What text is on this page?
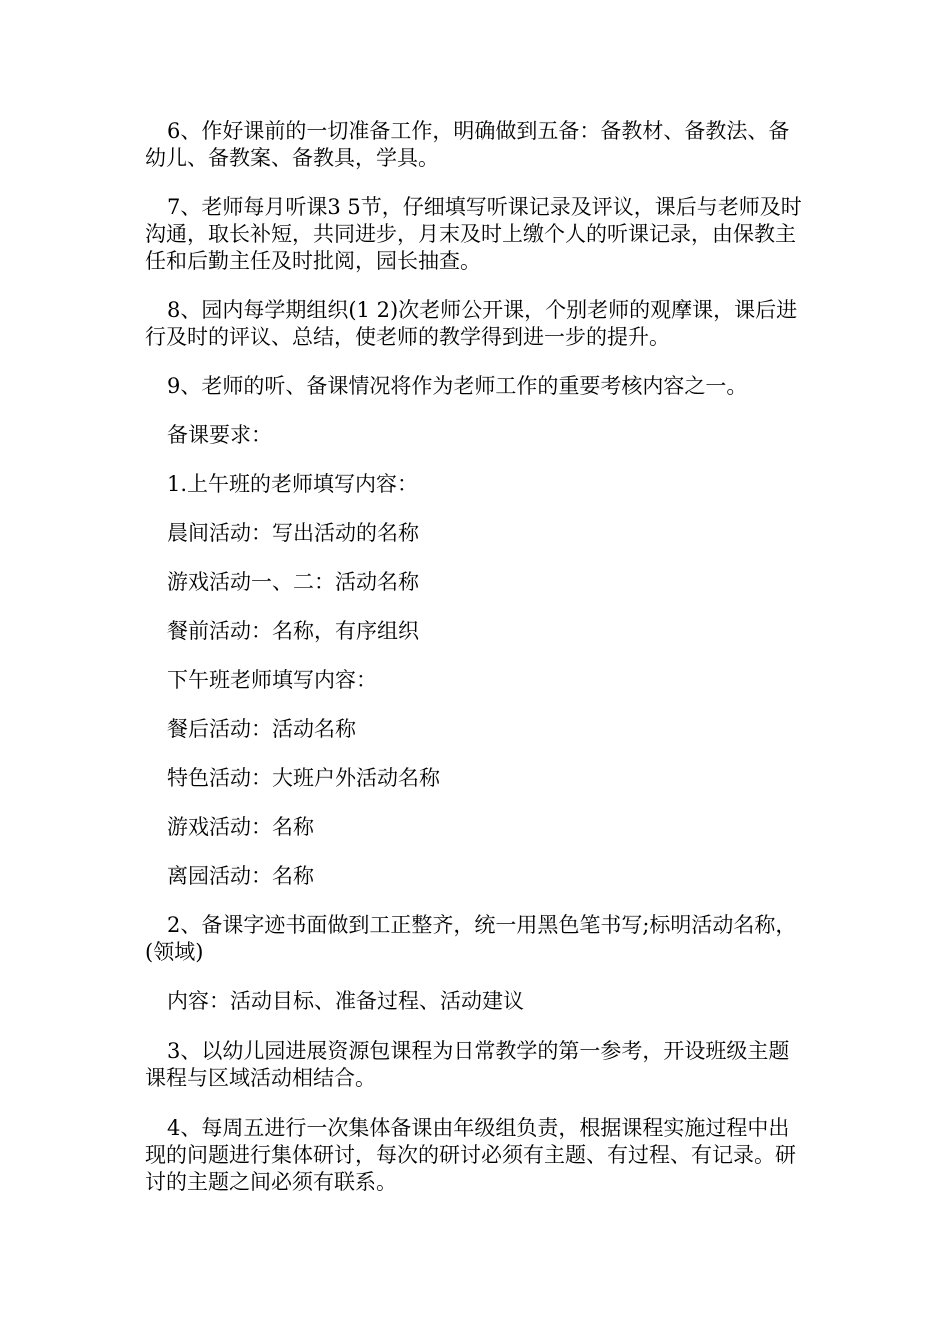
6、作好课前的一切准备工作，明确做到五备：备教材、备教法、备幼儿、备教案、备教具，学具。

7、老师每月听课3 5节，仔细填写听课记录及评议，课后与老师及时沟通，取长补短，共同进步，月末及时上缴个人的听课记录，由保教主任和后勤主任及时批阅，园长抽查。

8、园内每学期组织(1 2)次老师公开课，个别老师的观摩课，课后进行及时的评议、总结，使老师的教学得到进一步的提升。

9、老师的听、备课情况将作为老师工作的重要考核内容之一。

备课要求：

1.上午班的老师填写内容：

晨间活动：写出活动的名称

游戏活动一、二：活动名称

餐前活动：名称，有序组织

下午班老师填写内容：

餐后活动：活动名称

特色活动：大班户外活动名称

游戏活动：名称

离园活动：名称

2、备课字迹书面做到工正整齐，统一用黑色笔书写;标明活动名称，(领域)

内容：活动目标、准备过程、活动建议

3、以幼儿园进展资源包课程为日常教学的第一参考，开设班级主题课程与区域活动相结合。

4、每周五进行一次集体备课由年级组负责，根据课程实施过程中出现的问题进行集体研讨，每次的研讨必须有主题、有过程、有记录。研讨的主题之间必须有联系。
